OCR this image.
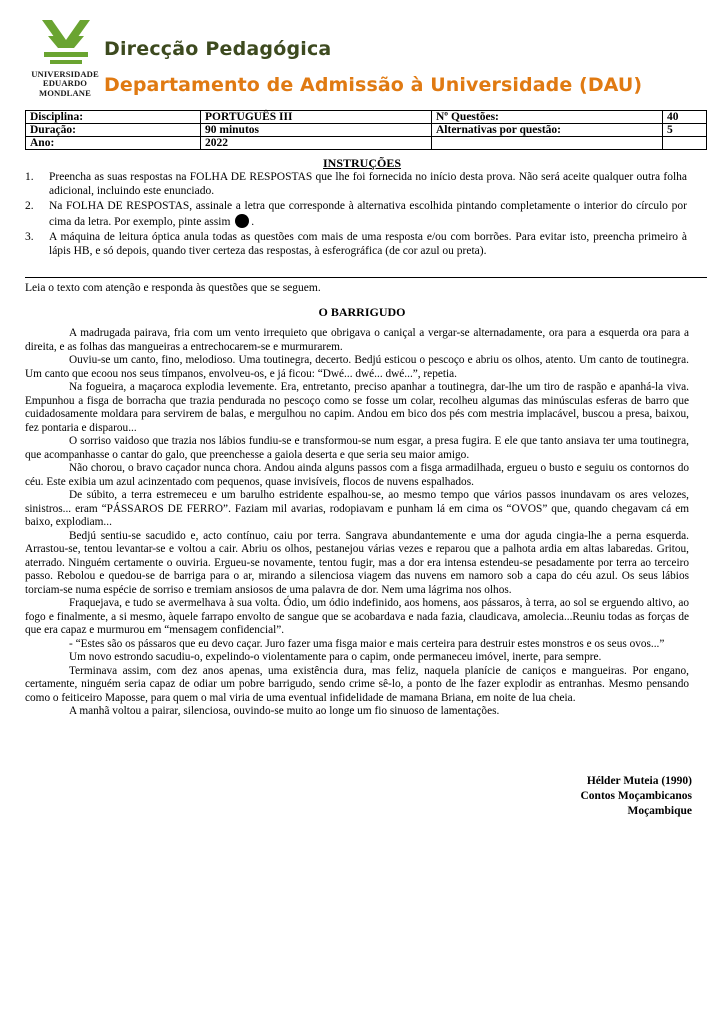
UNIVERSIDADE
EDUARDO
MONDLANE
Direcção Pedagógica
Departamento de Admissão à Universidade (DAU)
Disciplina:	PORTUGUÊS III	Nº Questões:	40
Duração:	90 minutos	Alternativas por questão:	5
Ano:	2022		
INSTRUÇÕES
1. Preencha as suas respostas na FOLHA DE RESPOSTAS que lhe foi fornecida no início desta prova. Não será aceite qualquer outra folha adicional, incluindo este enunciado.
2. Na FOLHA DE RESPOSTAS, assinale a letra que corresponde à alternativa escolhida pintando completamente o interior do círculo por cima da letra. Por exemplo, pinte assim .
3. A máquina de leitura óptica anula todas as questões com mais de uma resposta e/ou com borrões. Para evitar isto, preencha primeiro à lápis HB, e só depois, quando tiver certeza das respostas, à esferográfica (de cor azul ou preta).
Leia o texto com atenção e responda às questões que se seguem.
O BARRIGUDO

A madrugada pairava, fria com um vento irrequieto que obrigava o caniçal a vergar-se alternadamente, ora para a esquerda ora para a direita, e as folhas das mangueiras a entrechocarem-se e murmurarem.

Ouviu-se um canto, fino, melodioso. Uma toutinegra, decerto. Bedjú esticou o pescoço e abriu os olhos, atento. Um canto de toutinegra. Um canto que ecoou nos seus tímpanos, envolveu-os, e já ficou: “Dwé... dwé... dwé...”, repetia.

Na fogueira, a maçaroca explodia levemente. Era, entretanto, preciso apanhar a toutinegra, dar-lhe um tiro de raspão e apanhá-la viva. Empunhou a fisga de borracha que trazia pendurada no pescoço como se fosse um colar, recolheu algumas das minúsculas esferas de barro que cuidadosamente moldara para servirem de balas, e mergulhou no capim. Andou em bico dos pés com mestria implacável, buscou a presa, baixou, fez pontaria e disparou...

O sorriso vaidoso que trazia nos lábios fundiu-se e transformou-se num esgar, a presa fugira. E ele que tanto ansiava ter uma toutinegra, que acompanhasse o cantar do galo, que preenchesse a gaiola deserta e que seria seu maior amigo.

Não chorou, o bravo caçador nunca chora. Andou ainda alguns passos com a fisga armadilhada, ergueu o busto e seguiu os contornos do céu. Este exibia um azul acinzentado com pequenos, quase invisíveis, flocos de nuvens espalhados.

De súbito, a terra estremeceu e um barulho estridente espalhou-se, ao mesmo tempo que vários passos inundavam os ares velozes, sinistros... eram “PÁSSAROS DE FERRO”. Faziam mil avarias, rodopiavam e punham lá em cima os “OVOS” que, quando chegavam cá em baixo, explodiam...

Bedjú sentiu-se sacudido e, acto contínuo, caiu por terra. Sangrava abundantemente e uma dor aguda cingia-lhe a perna esquerda. Arrastou-se, tentou levantar-se e voltou a cair. Abriu os olhos, pestanejou várias vezes e reparou que a palhota ardia em altas labaredas. Gritou, aterrado. Ninguém certamente o ouviria. Ergueu-se novamente, tentou fugir, mas a dor era intensa estendeu-se pesadamente por terra ao terceiro passo. Rebolou e quedou-se de barriga para o ar, mirando a silenciosa viagem das nuvens em namoro sob a capa do céu azul. Os seus lábios torciam-se numa espécie de sorriso e tremiam ansiosos de uma palavra de dor. Nem uma lágrima nos olhos.

Fraquejava, e tudo se avermelhava à sua volta. Ódio, um ódio indefinido, aos homens, aos pássaros, à terra, ao sol se erguendo altivo, ao fogo e finalmente, a si mesmo, àquele farrapo envolto de sangue que se acobardava e nada fazia, claudicava, amolecia...Reuniu todas as forças de que era capaz e murmurou em “mensagem confidencial”.

- “Estes são os pássaros que eu devo caçar. Juro fazer uma fisga maior e mais certeira para destruir estes monstros e os seus ovos...”

Um novo estrondo sacudiu-o, expelindo-o violentamente para o capim, onde permaneceu imóvel, inerte, para sempre.

Terminava assim, com dez anos apenas, uma existência dura, mas feliz, naquela planície de caniços e mangueiras. Por engano, certamente, ninguém seria capaz de odiar um pobre barrigudo, sendo crime sê-lo, a ponto de lhe fazer explodir as entranhas. Mesmo pensando como o feiticeiro Maposse, para quem o mal viria de uma eventual infidelidade de mamana Briana, em noite de lua cheia.

A manhã voltou a pairar, silenciosa, ouvindo-se muito ao longe um fio sinuoso de lamentações.

Hélder Muteia (1990)
Contos Moçambicanos
Moçambique
